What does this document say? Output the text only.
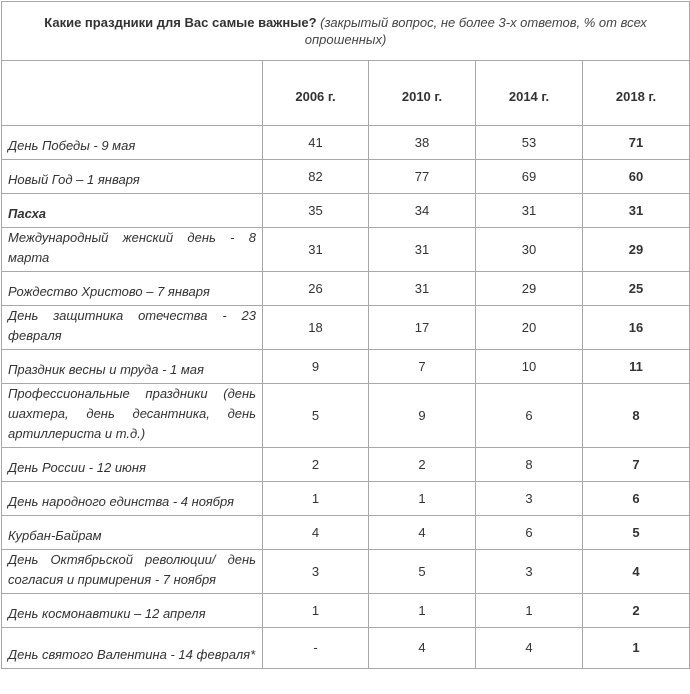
Какие праздники для Вас самые важные? (закрытый вопрос, не более 3-х ответов, % от всех опрошенных)				
	2006 г.	2010 г.	2014 г.	2018 г.
День Победы - 9 мая	41	38	53	71
Новый Год – 1 января	82	77	69	60
Пасха	35	34	31	31
Международный женский день - 8 марта	31	31	30	29
Рождество Христово – 7 января	26	31	29	25
День защитника отечества - 23 февраля	18	17	20	16
Праздник весны и труда - 1 мая	9	7	10	11
Профессиональные праздники (день шахтера, день десантника, день артиллериста и т.д.)	5	9	6	8
День России - 12 июня	2	2	8	7
День народного единства - 4 ноября	1	1	3	6
Курбан-Байрам	4	4	6	5
День Октябрьской революции/ день согласия и примирения - 7 ноября	3	5	3	4
День космонавтики – 12 апреля	1	1	1	2
День святого Валентина - 14 февраля*	-	4	4	1
